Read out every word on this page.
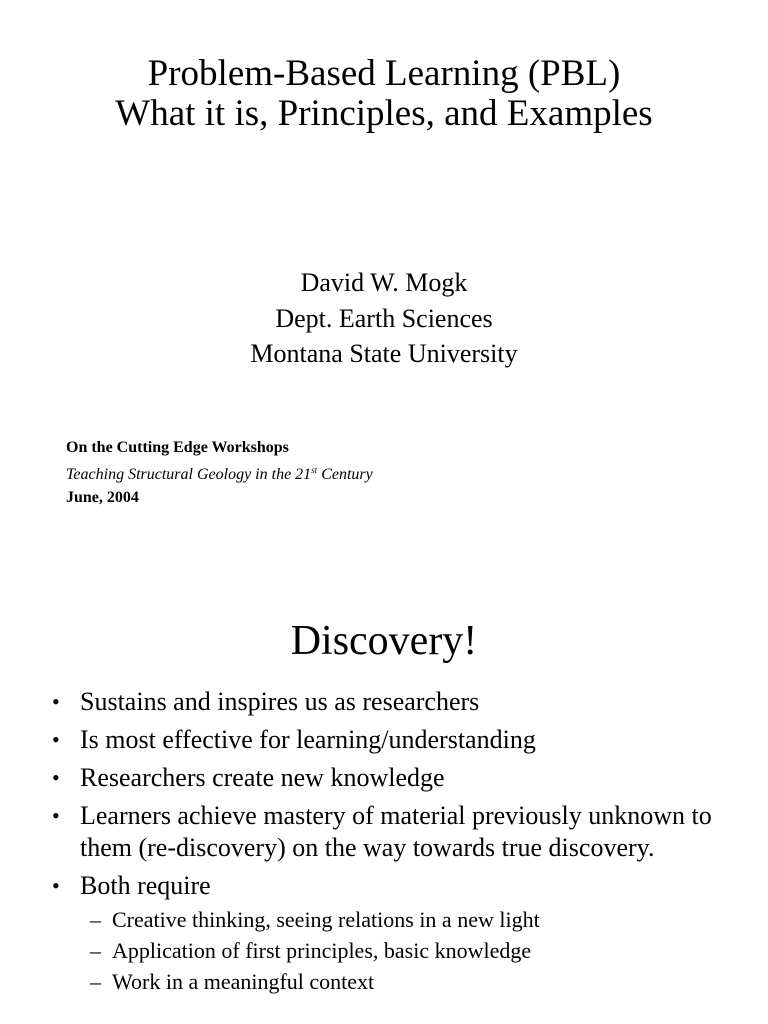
Problem-Based Learning (PBL)
What it is, Principles, and Examples
David W. Mogk
Dept. Earth Sciences
Montana State University
On the Cutting Edge Workshops
Teaching Structural Geology in the 21st Century
June, 2004
Discovery!
• Sustains and inspires us as researchers
• Is most effective for learning/understanding
• Researchers create new knowledge
• Learners achieve mastery of material previously unknown to them (re-discovery) on the way towards true discovery.
• Both require
– Creative thinking, seeing relations in a new light
– Application of first principles, basic knowledge
– Work in a meaningful context
